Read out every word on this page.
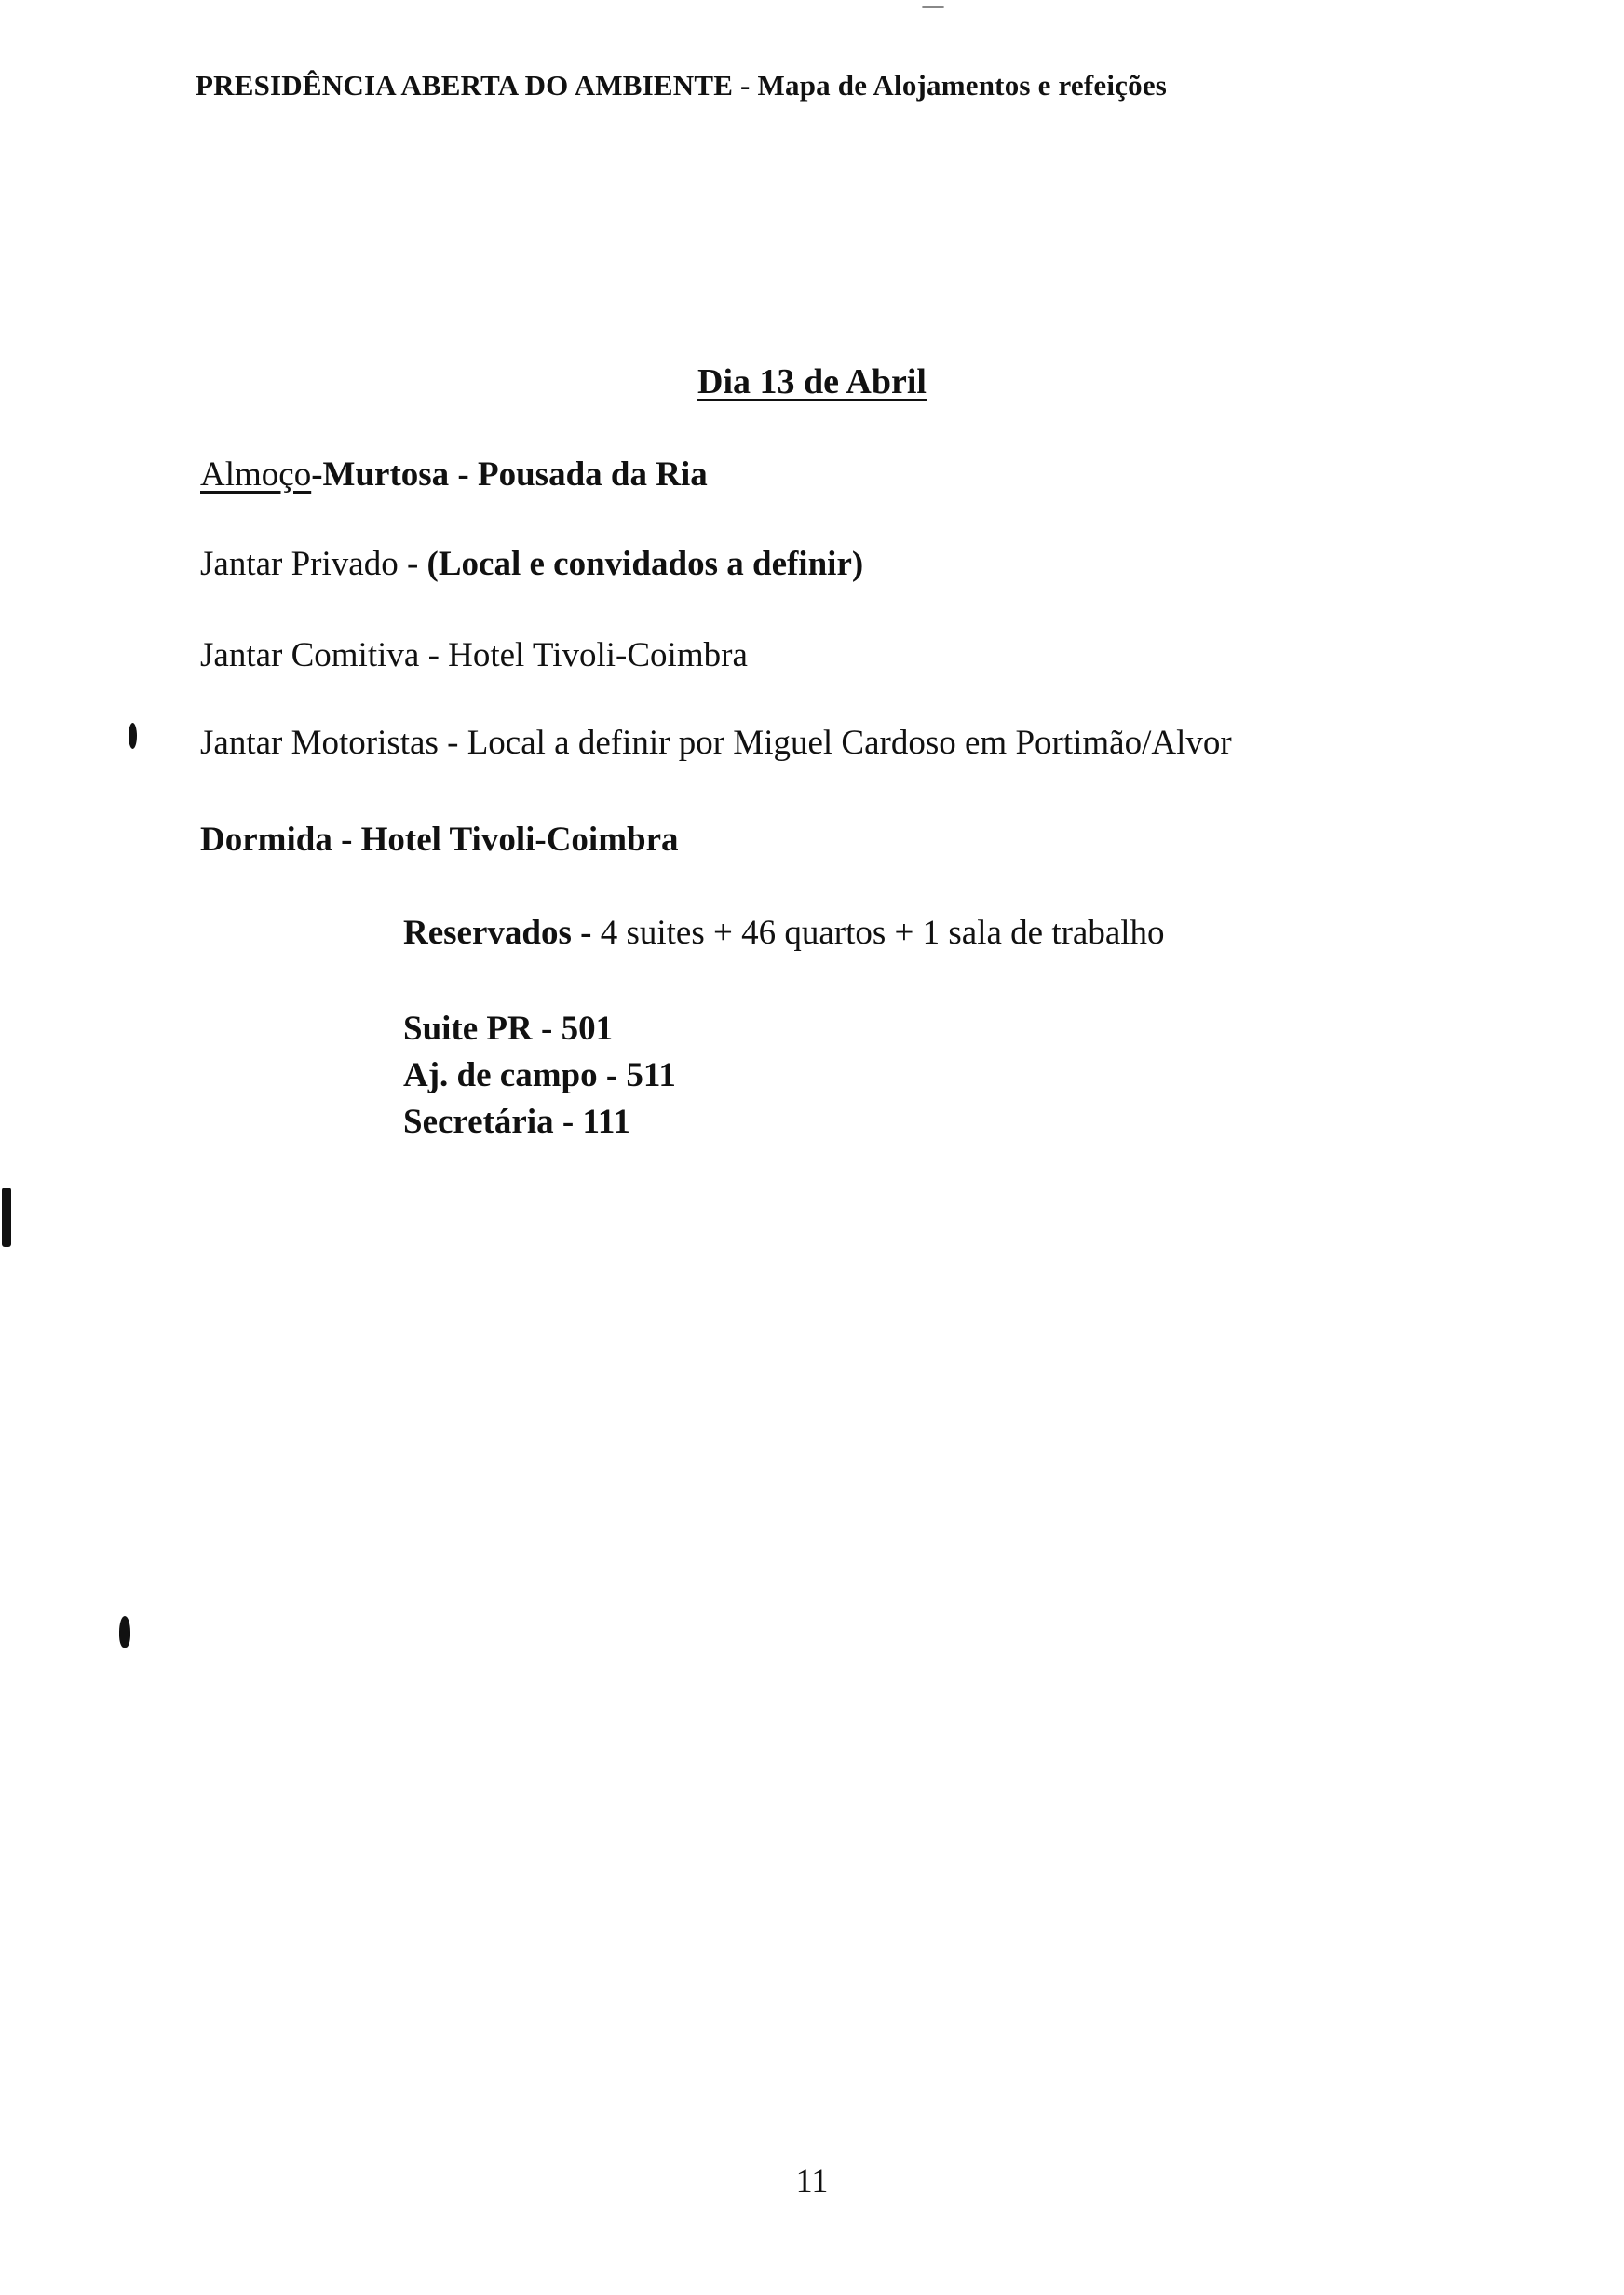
PRESIDÊNCIA ABERTA DO AMBIENTE - Mapa de Alojamentos e refeições
Dia 13 de Abril
Almoço-Murtosa - Pousada da Ria
Jantar Privado - (Local e convidados a definir)
Jantar Comitiva - Hotel Tivoli-Coimbra
Jantar Motoristas - Local a definir por Miguel Cardoso em Portimão/Alvor
Dormida - Hotel Tivoli-Coimbra
Reservados - 4 suites + 46 quartos + 1 sala de trabalho
Suite PR - 501
Aj. de campo - 511
Secretária - 111
11
